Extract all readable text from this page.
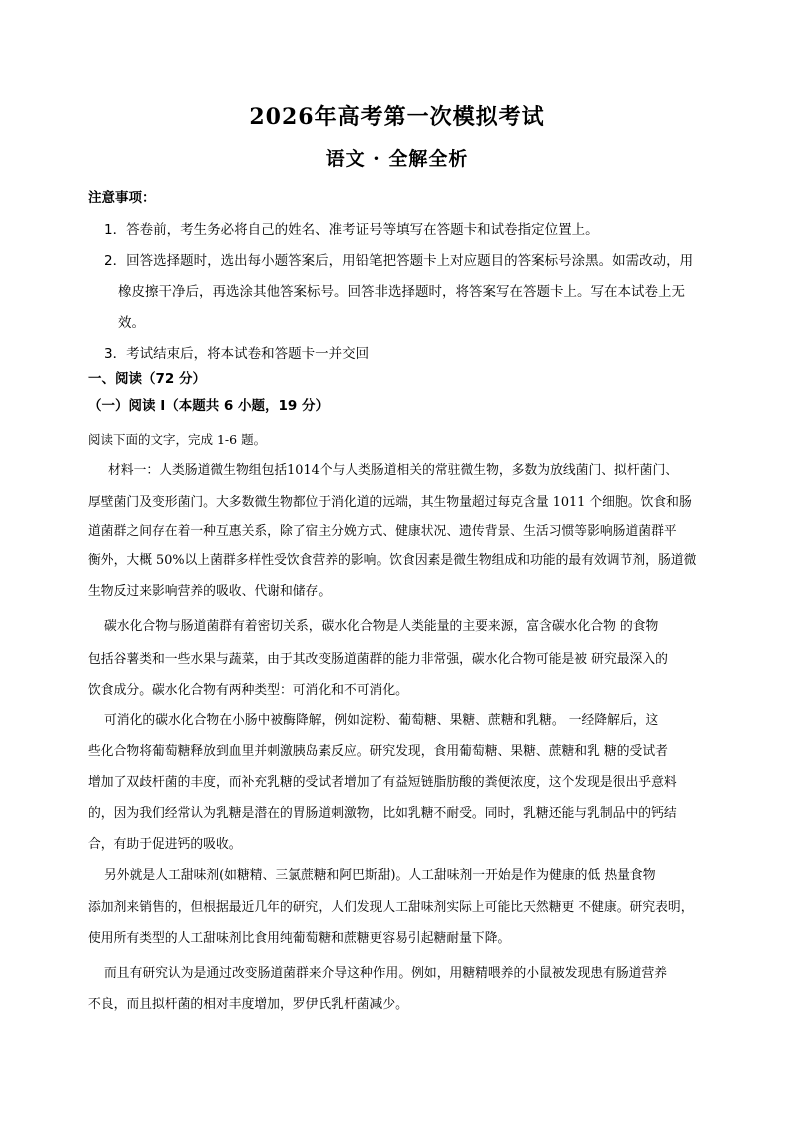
2026年高考第一次模拟考试
语文 · 全解全析
注意事项：
1．答卷前，考生务必将自己的姓名、准考证号等填写在答题卡和试卷指定位置上。
2．回答选择题时，选出每小题答案后，用铅笔把答题卡上对应题目的答案标号涂黑。如需改动，用
橡皮擦干净后，再选涂其他答案标号。回答非选择题时，将答案写在答题卡上。写在本试卷上无
效。
3．考试结束后，将本试卷和答题卡一并交回
一、阅读（72 分）
（一）阅读 I（本题共 6 小题，19 分）
阅读下面的文字，完成 1-6 题。
材料一：人类肠道微生物组包括1014个与人类肠道相关的常驻微生物，多数为放线菌门、拟杆菌门、
厚壁菌门及变形菌门。大多数微生物都位于消化道的远端，其生物量超过每克含量 1011 个细胞。饮食和肠
道菌群之间存在着一种互惠关系，除了宿主分娩方式、健康状况、遗传背景、生活习惯等影响肠道菌群平
衡外，大概 50%以上菌群多样性受饮食营养的影响。饮食因素是微生物组成和功能的最有效调节剂，肠道微
生物反过来影响营养的吸收、代谢和储存。
碳水化合物与肠道菌群有着密切关系，碳水化合物是人类能量的主要来源，富含碳水化合物 的食物
包括谷薯类和一些水果与蔬菜，由于其改变肠道菌群的能力非常强，碳水化合物可能是被 研究最深入的
饮食成分。碳水化合物有两种类型：可消化和不可消化。
可消化的碳水化合物在小肠中被酶降解，例如淀粉、葡萄糖、果糖、蔗糖和乳糖。 一经降解后，这
些化合物将葡萄糖释放到血里并刺激胰岛素反应。研究发现，食用葡萄糖、果糖、蔗糖和乳 糖的受试者
增加了双歧杆菌的丰度，而补充乳糖的受试者增加了有益短链脂肪酸的粪便浓度，这个发现是很出乎意料
的，因为我们经常认为乳糖是潜在的胃肠道刺激物，比如乳糖不耐受。同时，乳糖还能与乳制品中的钙结
合，有助于促进钙的吸收。
另外就是人工甜味剂(如糖精、三氯蔗糖和阿巴斯甜)。人工甜味剂一开始是作为健康的低 热量食物
添加剂来销售的，但根据最近几年的研究，人们发现人工甜味剂实际上可能比天然糖更 不健康。研究表明，
使用所有类型的人工甜味剂比食用纯葡萄糖和蔗糖更容易引起糖耐量下降。
而且有研究认为是通过改变肠道菌群来介导这种作用。例如，用糖精喂养的小鼠被发现患有肠道营养
不良，而且拟杆菌的相对丰度增加，罗伊氏乳杆菌减少。
